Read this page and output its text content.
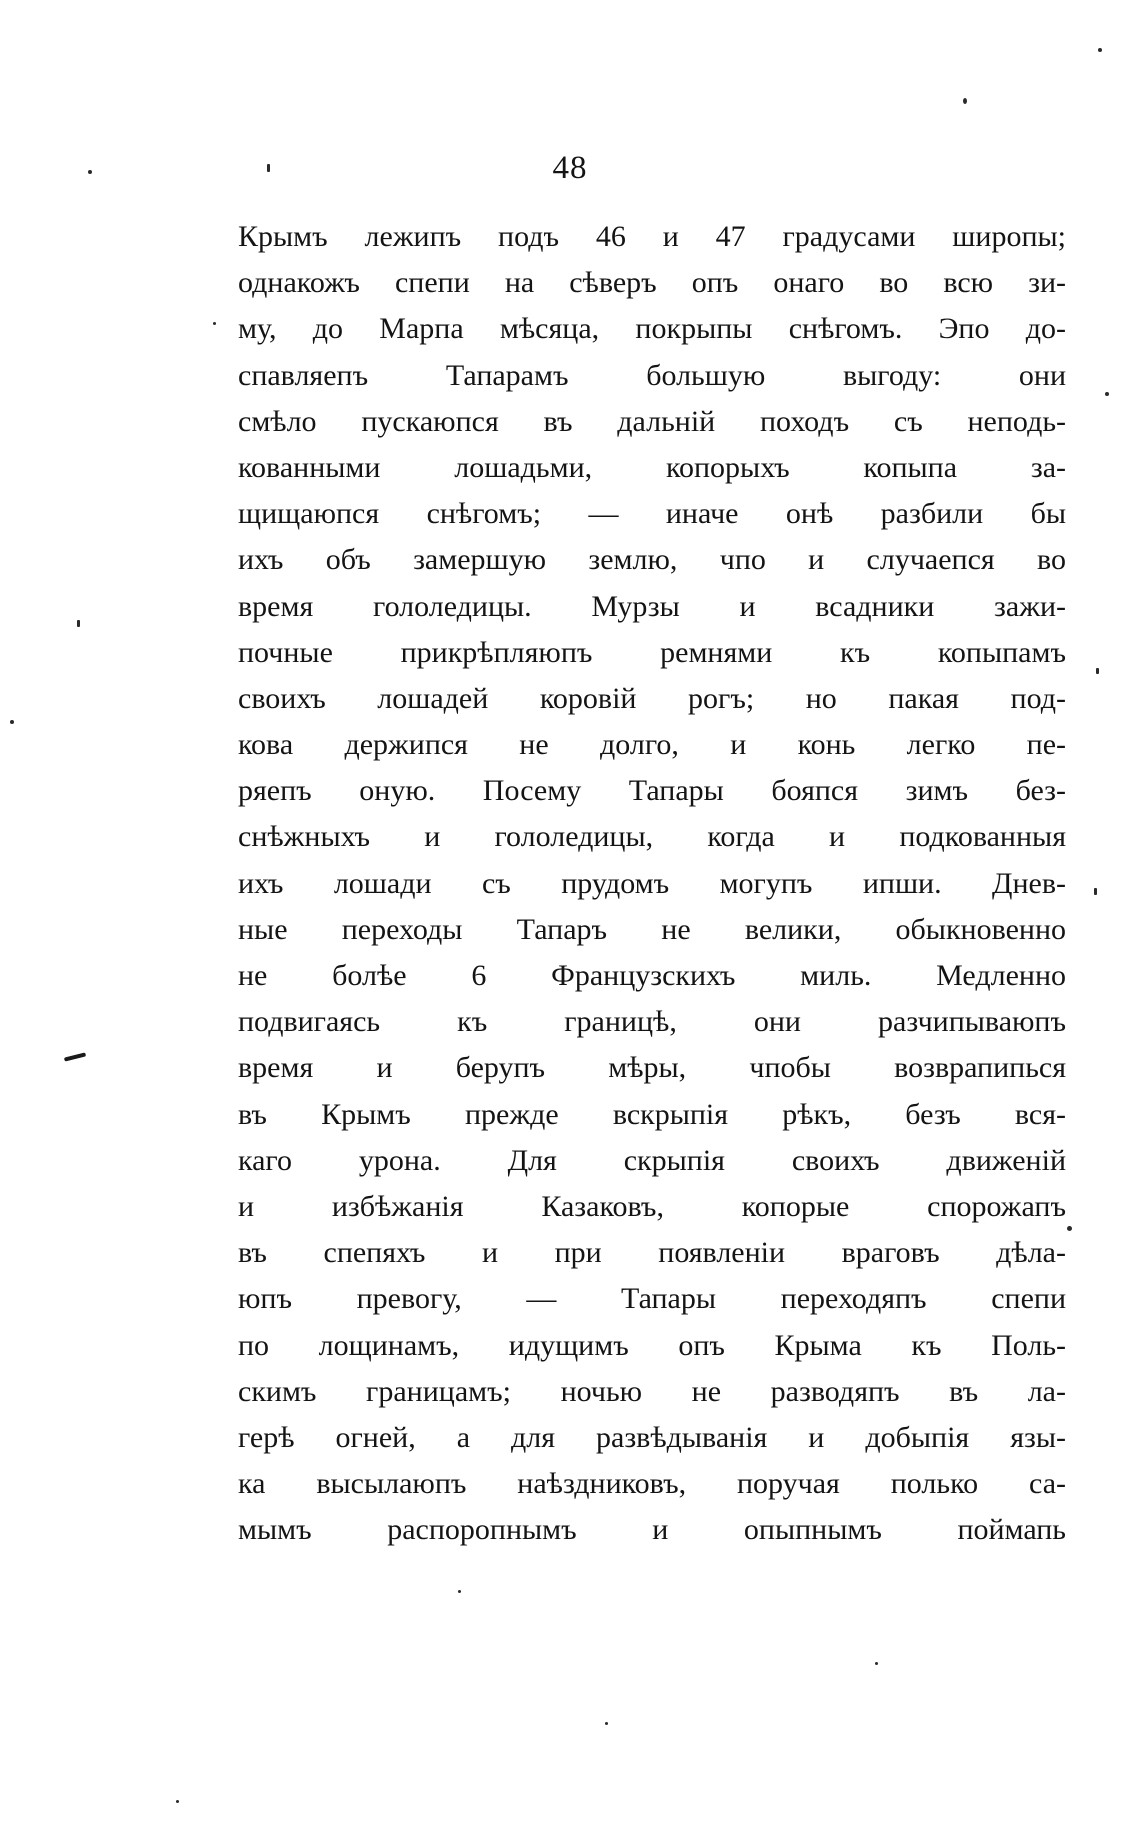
48
Крымъ лежипъ подъ 46 и 47 градусами широпы;
однакожъ спепи на сѣверъ опъ онаго во всю зи-
му, до Марпа мѣсяца, покрыпы снѣгомъ. Эпо до-
спавляепъ Тапарамъ большую выгоду: они
смѣло пускаюпся въ дальній походъ съ неподь-
кованными лошадьми, копорыхъ копыпа за-
щищаюпся снѣгомъ; — иначе онѣ разбили бы
ихъ объ замершую землю, чпо и случаепся во
время гололедицы. Мурзы и всадники зажи-
почные прикрѣпляюпъ ремнями къ копыпамъ
своихъ лошадей коровій рогъ; но пакая под-
кова держипся не долго, и конь легко пе-
ряепъ оную. Посему Тапары бояпся зимъ без-
снѣжныхъ и гололедицы, когда и подкованныя
ихъ лошади съ прудомъ могупъ ипши. Днев-
ные переходы Тапаръ не велики, обыкновенно
не болѣе 6 Французскихъ миль. Медленно
подвигаясь къ границѣ, они разчипываюпъ
время и берупъ мѣры, чпобы возврапипься
въ Крымъ прежде вскрыпія рѣкъ, безъ вся-
каго урона. Для скрыпія своихъ движеній
и избѣжанія Казаковъ, копорые спорожапъ
въ спепяхъ и при появленіи враговъ дѣла-
юпъ превогу, — Тапары переходяпъ спепи
по лощинамъ, идущимъ опъ Крыма къ Поль-
скимъ границамъ; ночью не разводяпъ въ ла-
герѣ огней, а для развѣдыванія и добыпія язы-
ка высылаюпъ наѣздниковъ, поручая полько са-
мымъ распоропнымъ и опыпнымъ поймапь
